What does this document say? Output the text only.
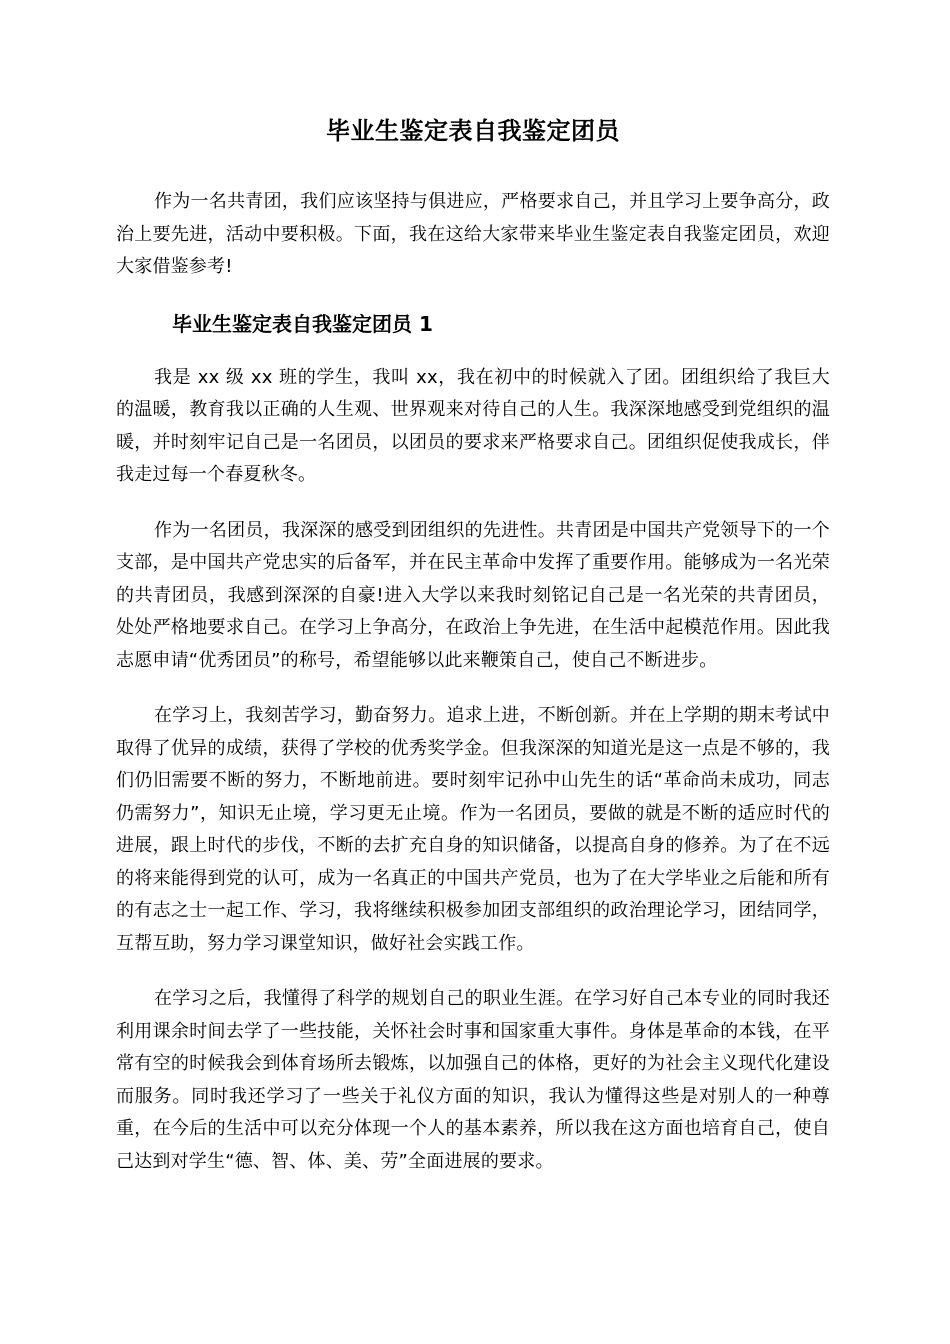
毕业生鉴定表自我鉴定团员

作为一名共青团，我们应该坚持与俱进应，严格要求自己，并且学习上要争高分，政治上要先进，活动中要积极。下面，我在这给大家带来毕业生鉴定表自我鉴定团员，欢迎大家借鉴参考!

毕业生鉴定表自我鉴定团员 1

我是 xx 级 xx 班的学生，我叫 xx，我在初中的时候就入了团。团组织给了我巨大的温暖，教育我以正确的人生观、世界观来对待自己的人生。我深深地感受到党组织的温暖，并时刻牢记自己是一名团员，以团员的要求来严格要求自己。团组织促使我成长，伴我走过每一个春夏秋冬。

作为一名团员，我深深的感受到团组织的先进性。共青团是中国共产党领导下的一个支部，是中国共产党忠实的后备军，并在民主革命中发挥了重要作用。能够成为一名光荣的共青团员，我感到深深的自豪!进入大学以来我时刻铭记自己是一名光荣的共青团员，处处严格地要求自己。在学习上争高分，在政治上争先进，在生活中起模范作用。因此我志愿申请“优秀团员”的称号，希望能够以此来鞭策自己，使自己不断进步。

在学习上，我刻苦学习，勤奋努力。追求上进，不断创新。并在上学期的期末考试中取得了优异的成绩，获得了学校的优秀奖学金。但我深深的知道光是这一点是不够的，我们仍旧需要不断的努力，不断地前进。要时刻牢记孙中山先生的话“革命尚未成功，同志仍需努力”，知识无止境，学习更无止境。作为一名团员，要做的就是不断的适应时代的进展，跟上时代的步伐，不断的去扩充自身的知识储备，以提高自身的修养。为了在不远的将来能得到党的认可，成为一名真正的中国共产党员，也为了在大学毕业之后能和所有的有志之士一起工作、学习，我将继续积极参加团支部组织的政治理论学习，团结同学，互帮互助，努力学习课堂知识，做好社会实践工作。

在学习之后，我懂得了科学的规划自己的职业生涯。在学习好自己本专业的同时我还利用课余时间去学了一些技能，关怀社会时事和国家重大事件。身体是革命的本钱，在平常有空的时候我会到体育场所去锻炼，以加强自己的体格，更好的为社会主义现代化建设而服务。同时我还学习了一些关于礼仪方面的知识，我认为懂得这些是对别人的一种尊重，在今后的生活中可以充分体现一个人的基本素养，所以我在这方面也培育自己，使自己达到对学生“德、智、体、美、劳”全面进展的要求。
